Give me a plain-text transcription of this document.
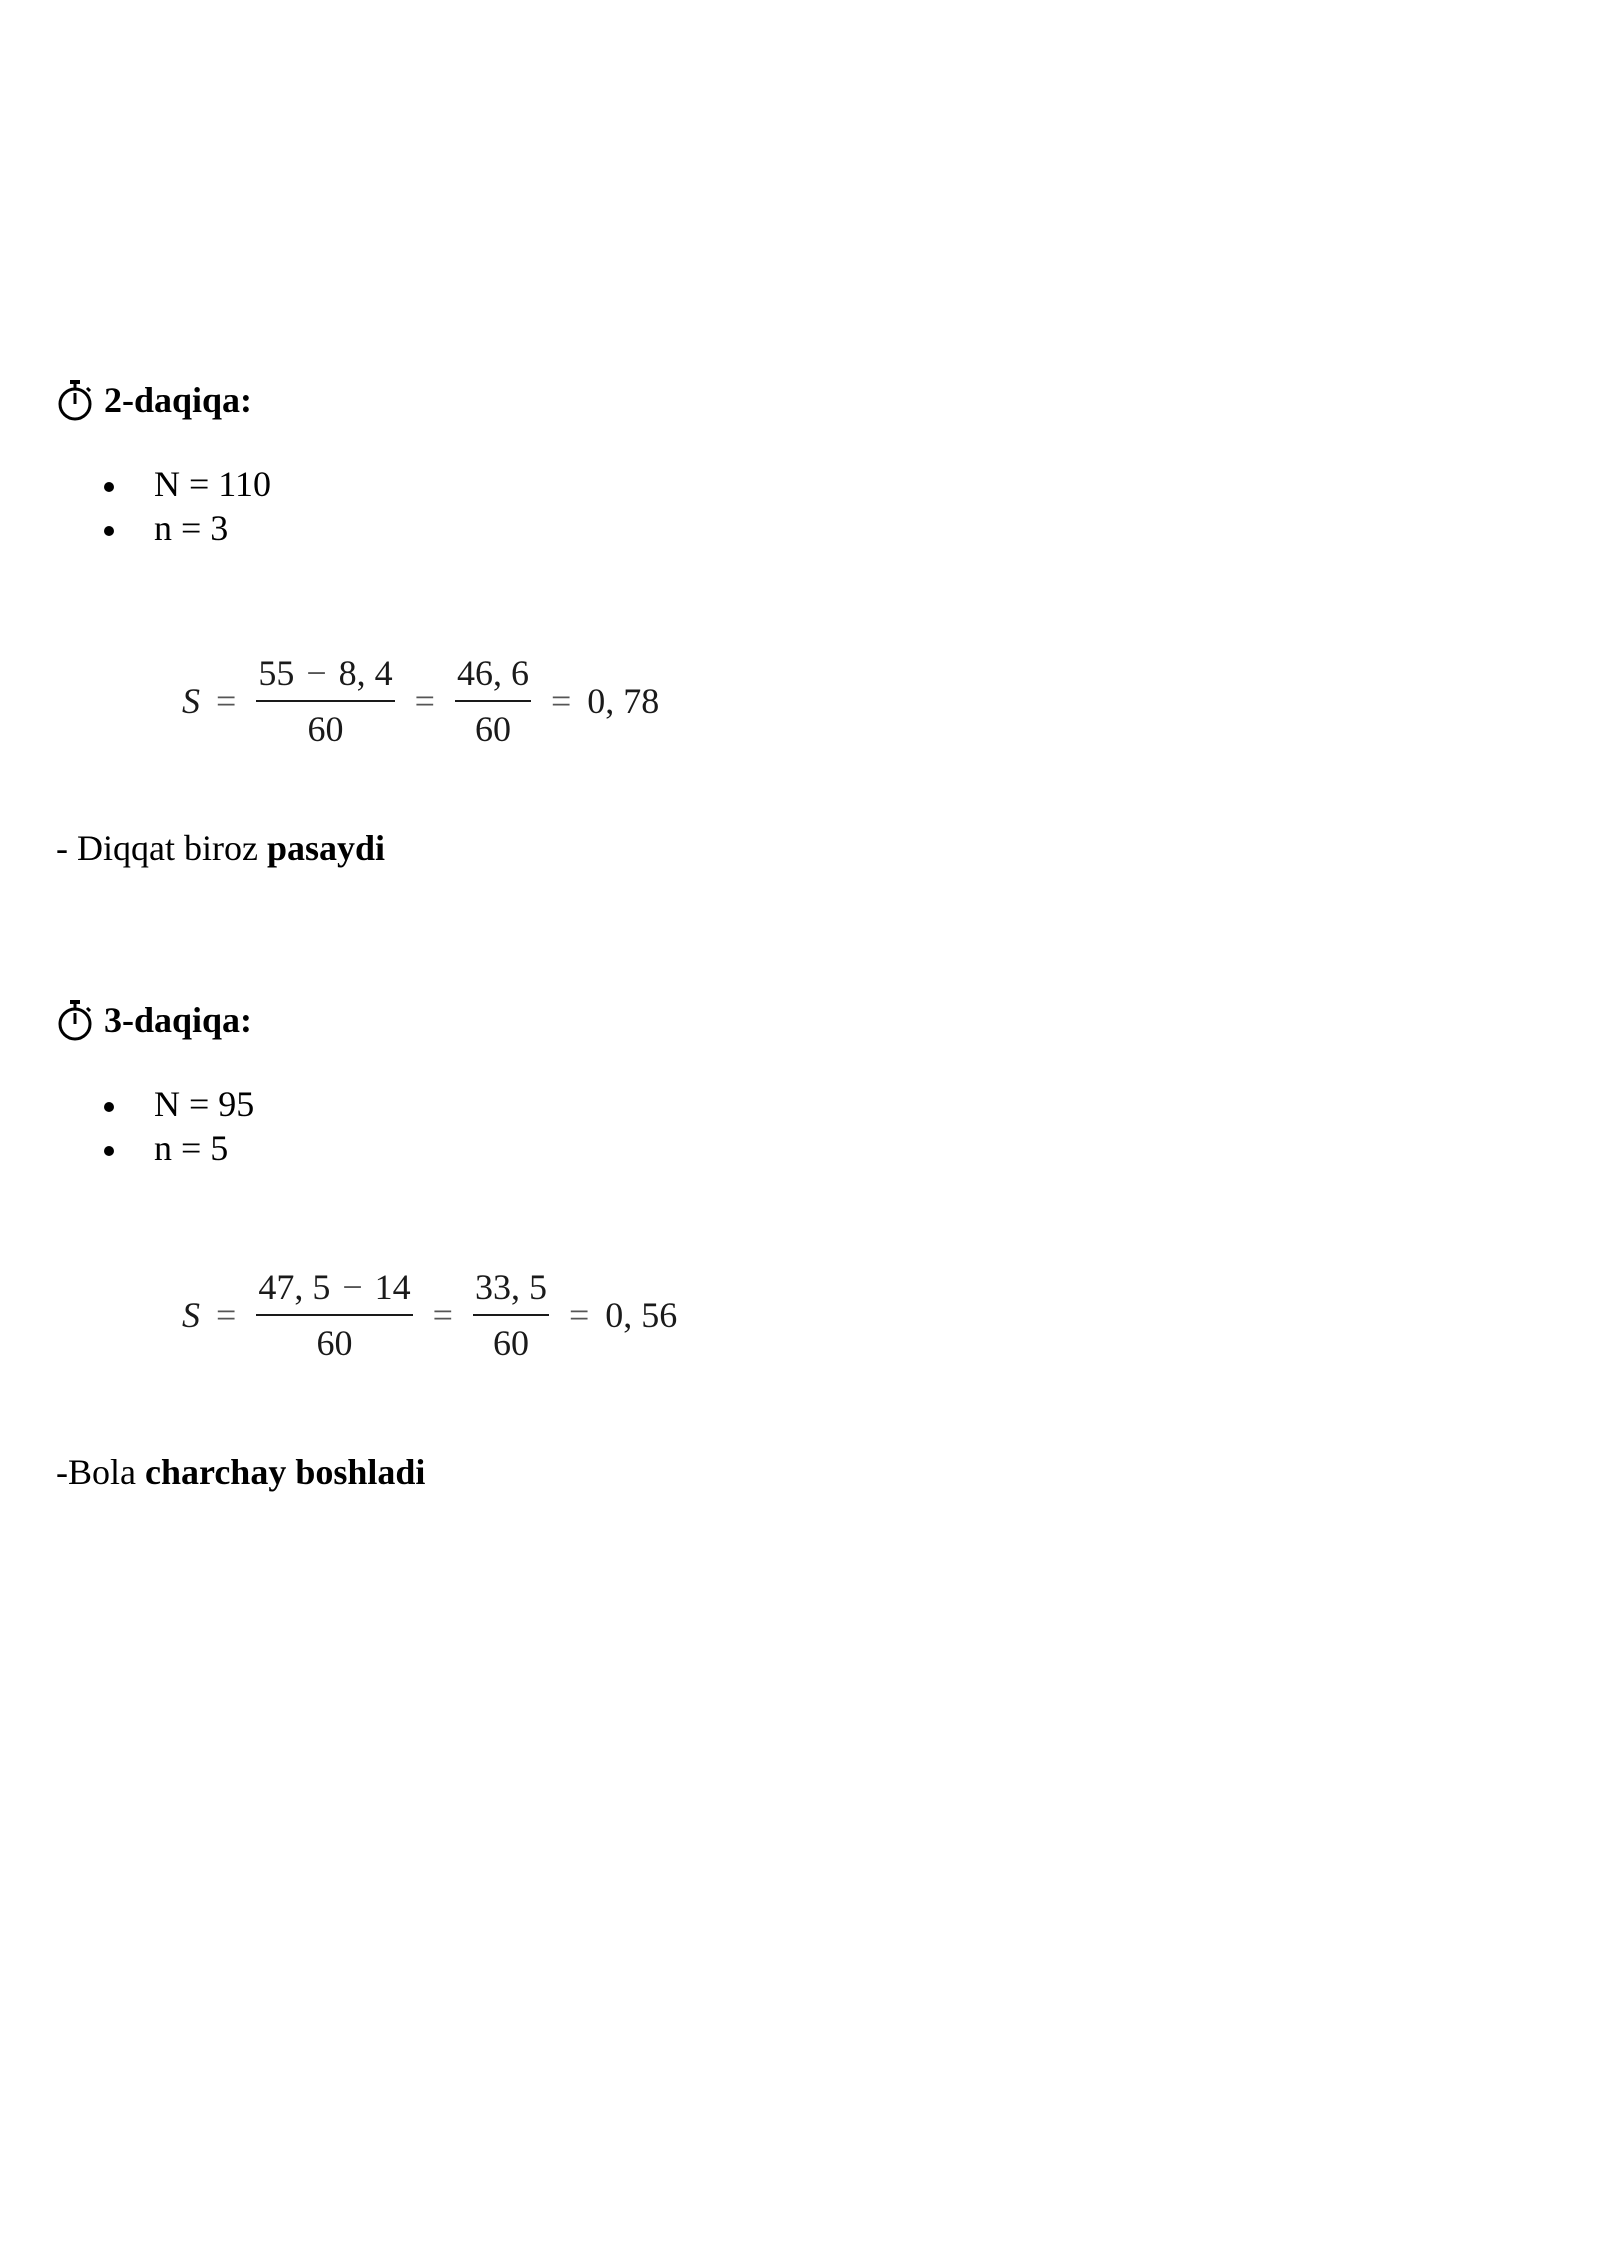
2-daqiqa:
N = 110
n = 3
$S = \frac{55 - 8, 4}{60} = \frac{46, 6}{60} = 0$, 78
- Diqqat biroz pasaydi
3-daqiqa:
N = 95
n = 5
$S = \frac{47, 5 - 14}{60} = \frac{33, 5}{60} = 0$, 56
-Bola charchay boshladi
